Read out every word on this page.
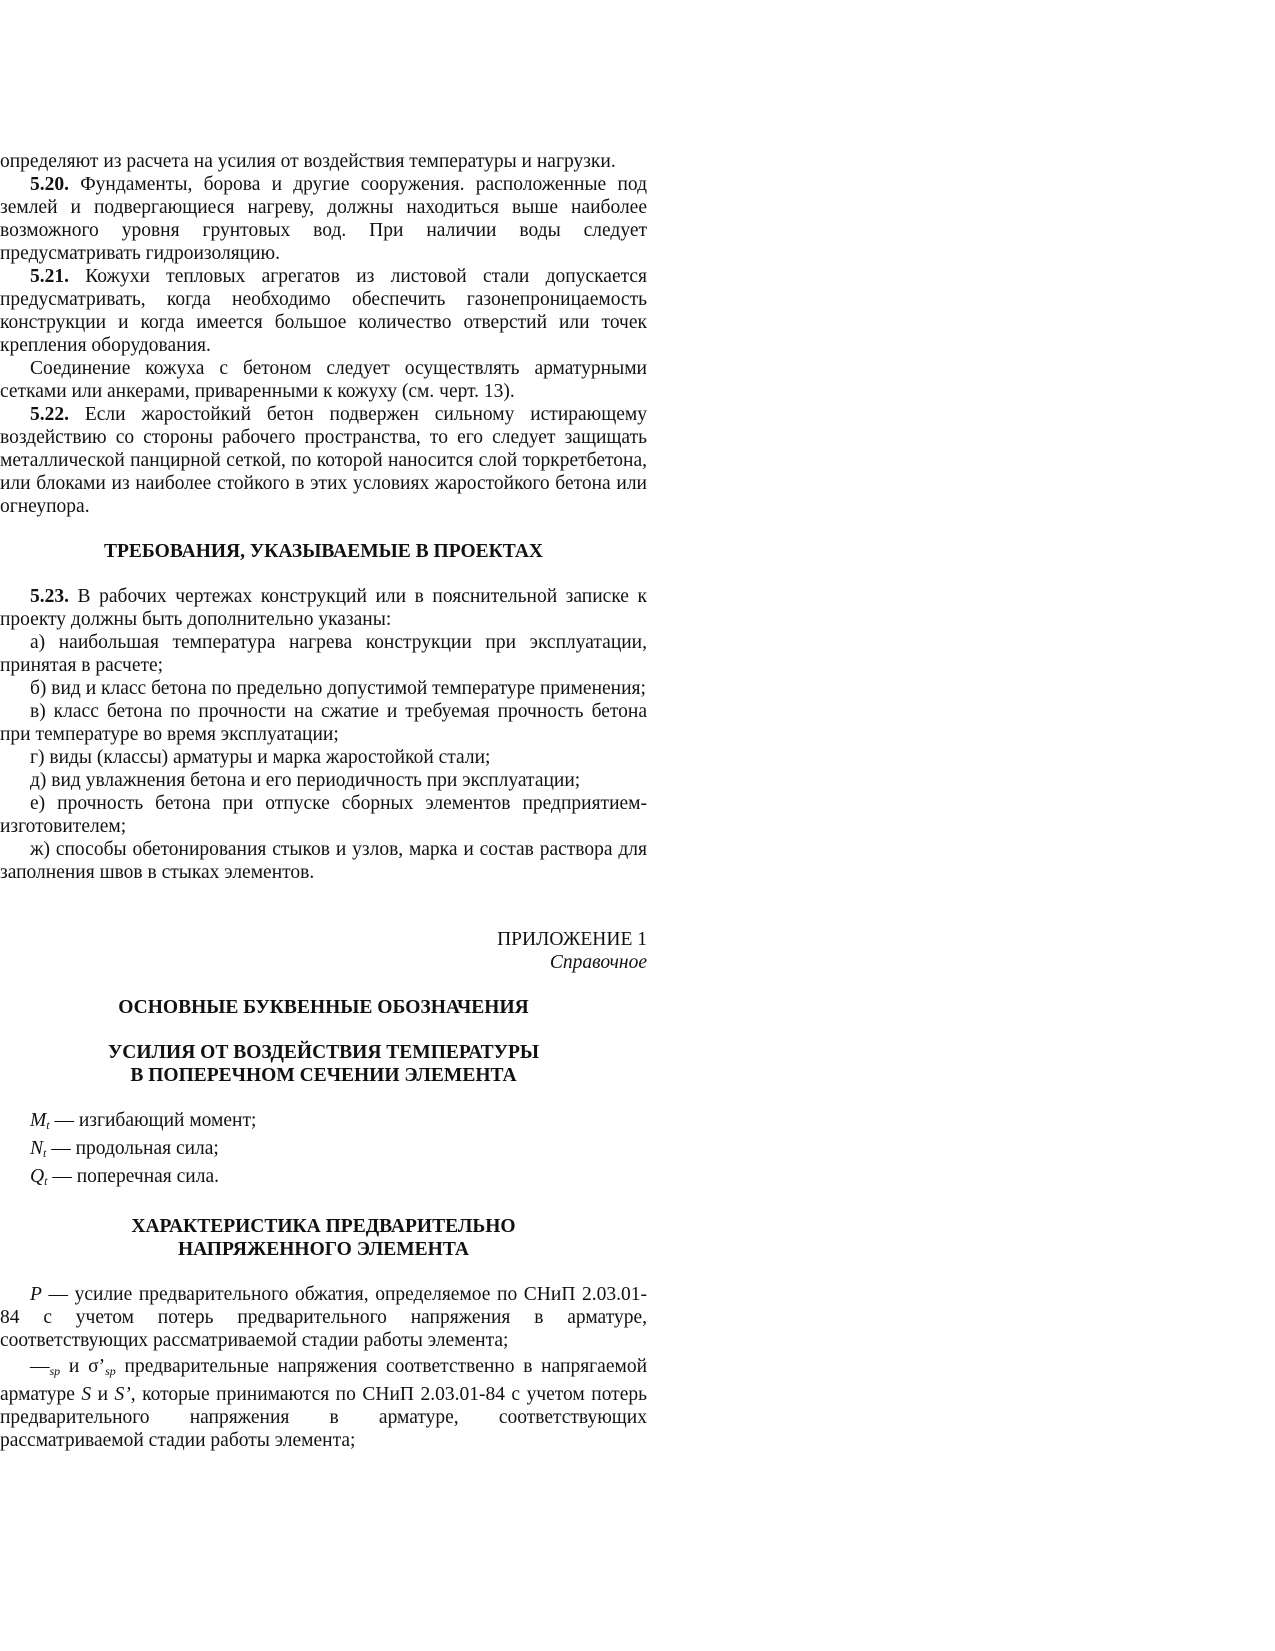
определяют из расчета на усилия от воздействия температуры и нагрузки.

5.20. Фундаменты, борова и другие сооружения. расположенные под землей и подвергающиеся нагреву, должны находиться выше наиболее возможного уровня грунтовых вод. При наличии воды следует предусматривать гидроизоляцию.

5.21. Кожухи тепловых агрегатов из листовой стали допускается предусматривать, когда необходимо обеспечить газонепроницаемость конструкции и когда имеется большое количество отверстий или точек крепления оборудования.

Соединение кожуха с бетоном следует осуществлять арматурными сетками или анкерами, приваренными к кожуху (см. черт. 13).

5.22. Если жаростойкий бетон подвержен сильному истирающему воздействию со стороны рабочего пространства, то его следует защищать металлической панцирной сеткой, по которой наносится слой торкретбетона, или блоками из наиболее стойкого в этих условиях жаростойкого бетона или огнеупора.

ТРЕБОВАНИЯ, УКАЗЫВАЕМЫЕ В ПРОЕКТАХ

5.23. В рабочих чертежах конструкций или в пояснительной записке к проекту должны быть дополнительно указаны:

а) наибольшая температура нагрева конструкции при эксплуатации, принятая в расчете;

б) вид и класс бетона по предельно допустимой температуре применения;

в) класс бетона по прочности на сжатие и требуемая прочность бетона при температуре во время эксплуатации;

г) виды (классы) арматуры и марка жаростойкой стали;

д) вид увлажнения бетона и его периодичность при эксплуатации;

е) прочность бетона при отпуске сборных элементов предприятием-изготовителем;

ж) способы обетонирования стыков и узлов, марка и состав раствора для заполнения швов в стыках элементов.

ПРИЛОЖЕНИЕ 1

Справочное

ОСНОВНЫЕ БУКВЕННЫЕ ОБОЗНАЧЕНИЯ

УСИЛИЯ ОТ ВОЗДЕЙСТВИЯ ТЕМПЕРАТУРЫ

В ПОПЕРЕЧНОМ СЕЧЕНИИ ЭЛЕМЕНТА

$M_t$ — изгибающий момент;

$N_t$ — продольная сила;

$Q_t$ — поперечная сила.

ХАРАКТЕРИСТИКА ПРЕДВАРИТЕЛЬНО

НАПРЯЖЕННОГО ЭЛЕМЕНТА

P — усилие предварительного обжатия, определяемое по СНиП 2.03.01-84 с учетом потерь предварительного напряжения в арматуре, соответствующих рассматриваемой стадии работы элемента;

$—_{sp}$ и $\sigma’_{sp}$ предварительные напряжения соответственно в напрягаемой арматуре S и S’, которые принимаются по СНиП 2.03.01-84 с учетом потерь предварительного напряжения в арматуре, соответствующих рассматриваемой стадии работы элемента;
